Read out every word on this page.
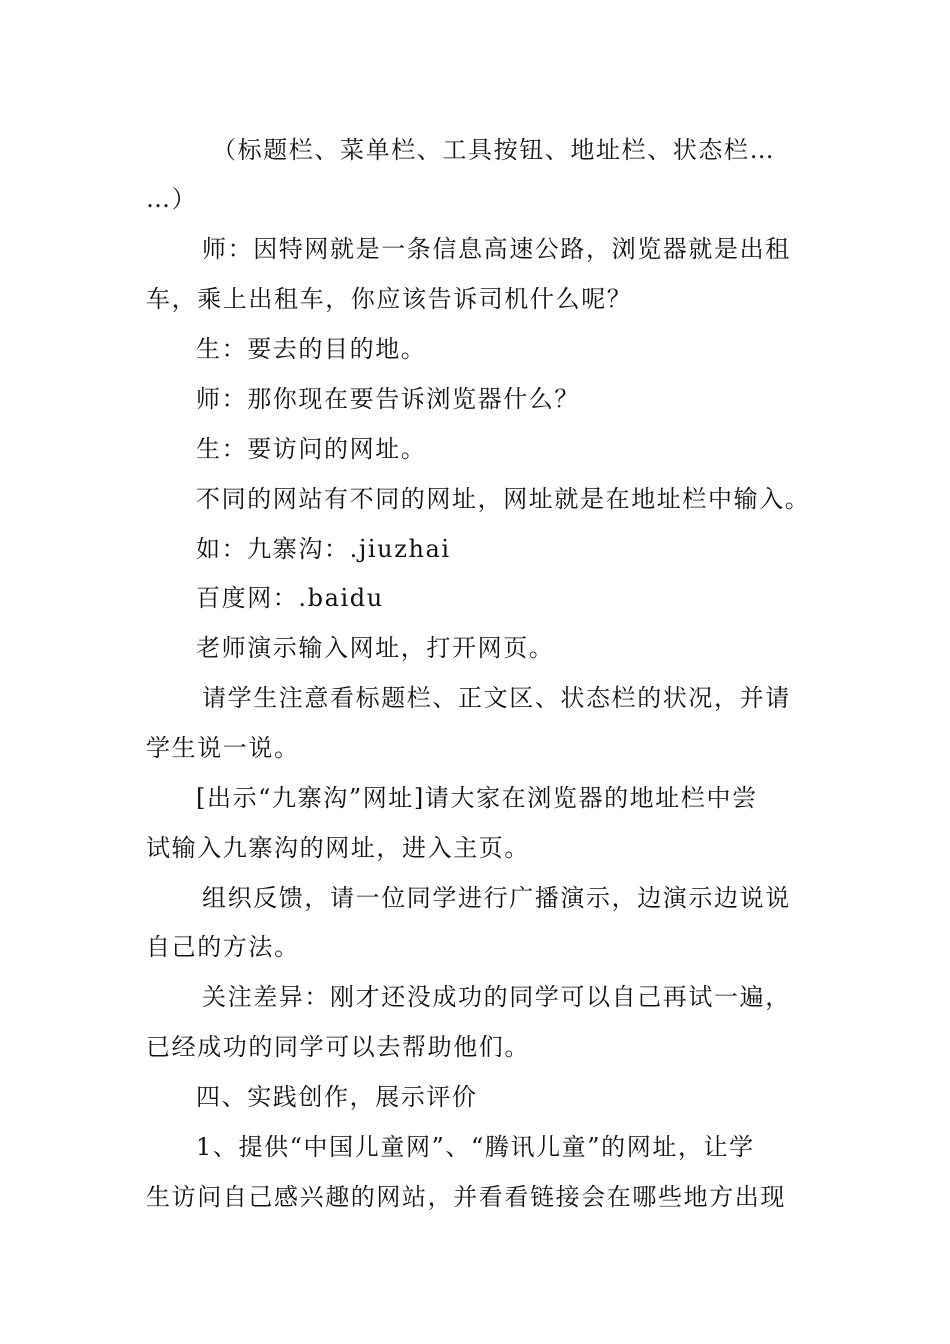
（标题栏、菜单栏、工具按钮、地址栏、状态栏…
…）
师：因特网就是一条信息高速公路，浏览器就是出租
车，乘上出租车，你应该告诉司机什么呢？
生：要去的目的地。
师：那你现在要告诉浏览器什么？
生：要访问的网址。
不同的网站有不同的网址，网址就是在地址栏中输入。
如：九寨沟：.jiuzhai
百度网：.baidu
老师演示输入网址，打开网页。
请学生注意看标题栏、正文区、状态栏的状况，并请
学生说一说。
[出示“九寨沟”网址]请大家在浏览器的地址栏中尝
试输入九寨沟的网址，进入主页。
组织反馈，请一位同学进行广播演示，边演示边说说
自己的方法。
关注差异：刚才还没成功的同学可以自己再试一遍，
已经成功的同学可以去帮助他们。
四、实践创作，展示评价
1、提供“中国儿童网”、“腾讯儿童”的网址，让学
生访问自己感兴趣的网站，并看看链接会在哪些地方出现
